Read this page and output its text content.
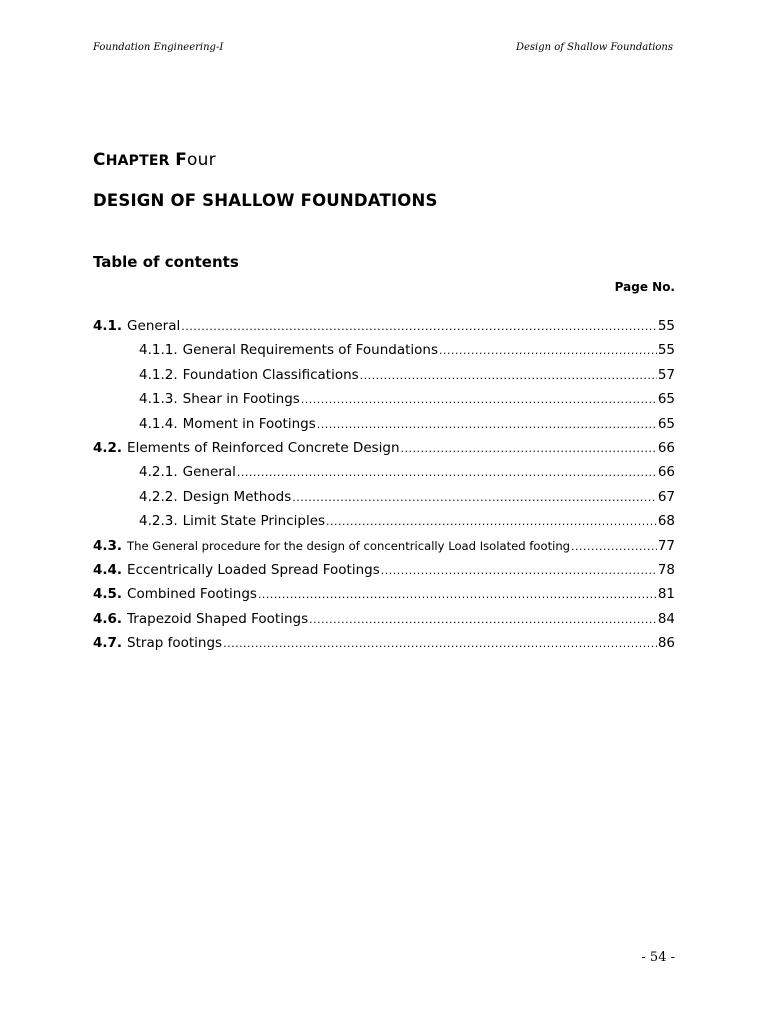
Foundation Engineering-I	Design of Shallow Foundations
CHAPTER Four
DESIGN OF SHALLOW FOUNDATIONS
Table of contents
Page No.
4.1. General .....	55
4.1.1. General Requirements of Foundations .....	55
4.1.2. Foundation Classifications .....	57
4.1.3. Shear in Footings .....	65
4.1.4. Moment in Footings .....	65
4.2. Elements of Reinforced Concrete Design .....	66
4.2.1. General .....	66
4.2.2. Design Methods .....	67
4.2.3. Limit State Principles .....	68
4.3. The General procedure for the design of concentrically Load Isolated footing .....	77
4.4. Eccentrically Loaded Spread Footings .....	78
4.5. Combined Footings .....	81
4.6. Trapezoid Shaped Footings .....	84
4.7. Strap footings .....	86
- 54 -
